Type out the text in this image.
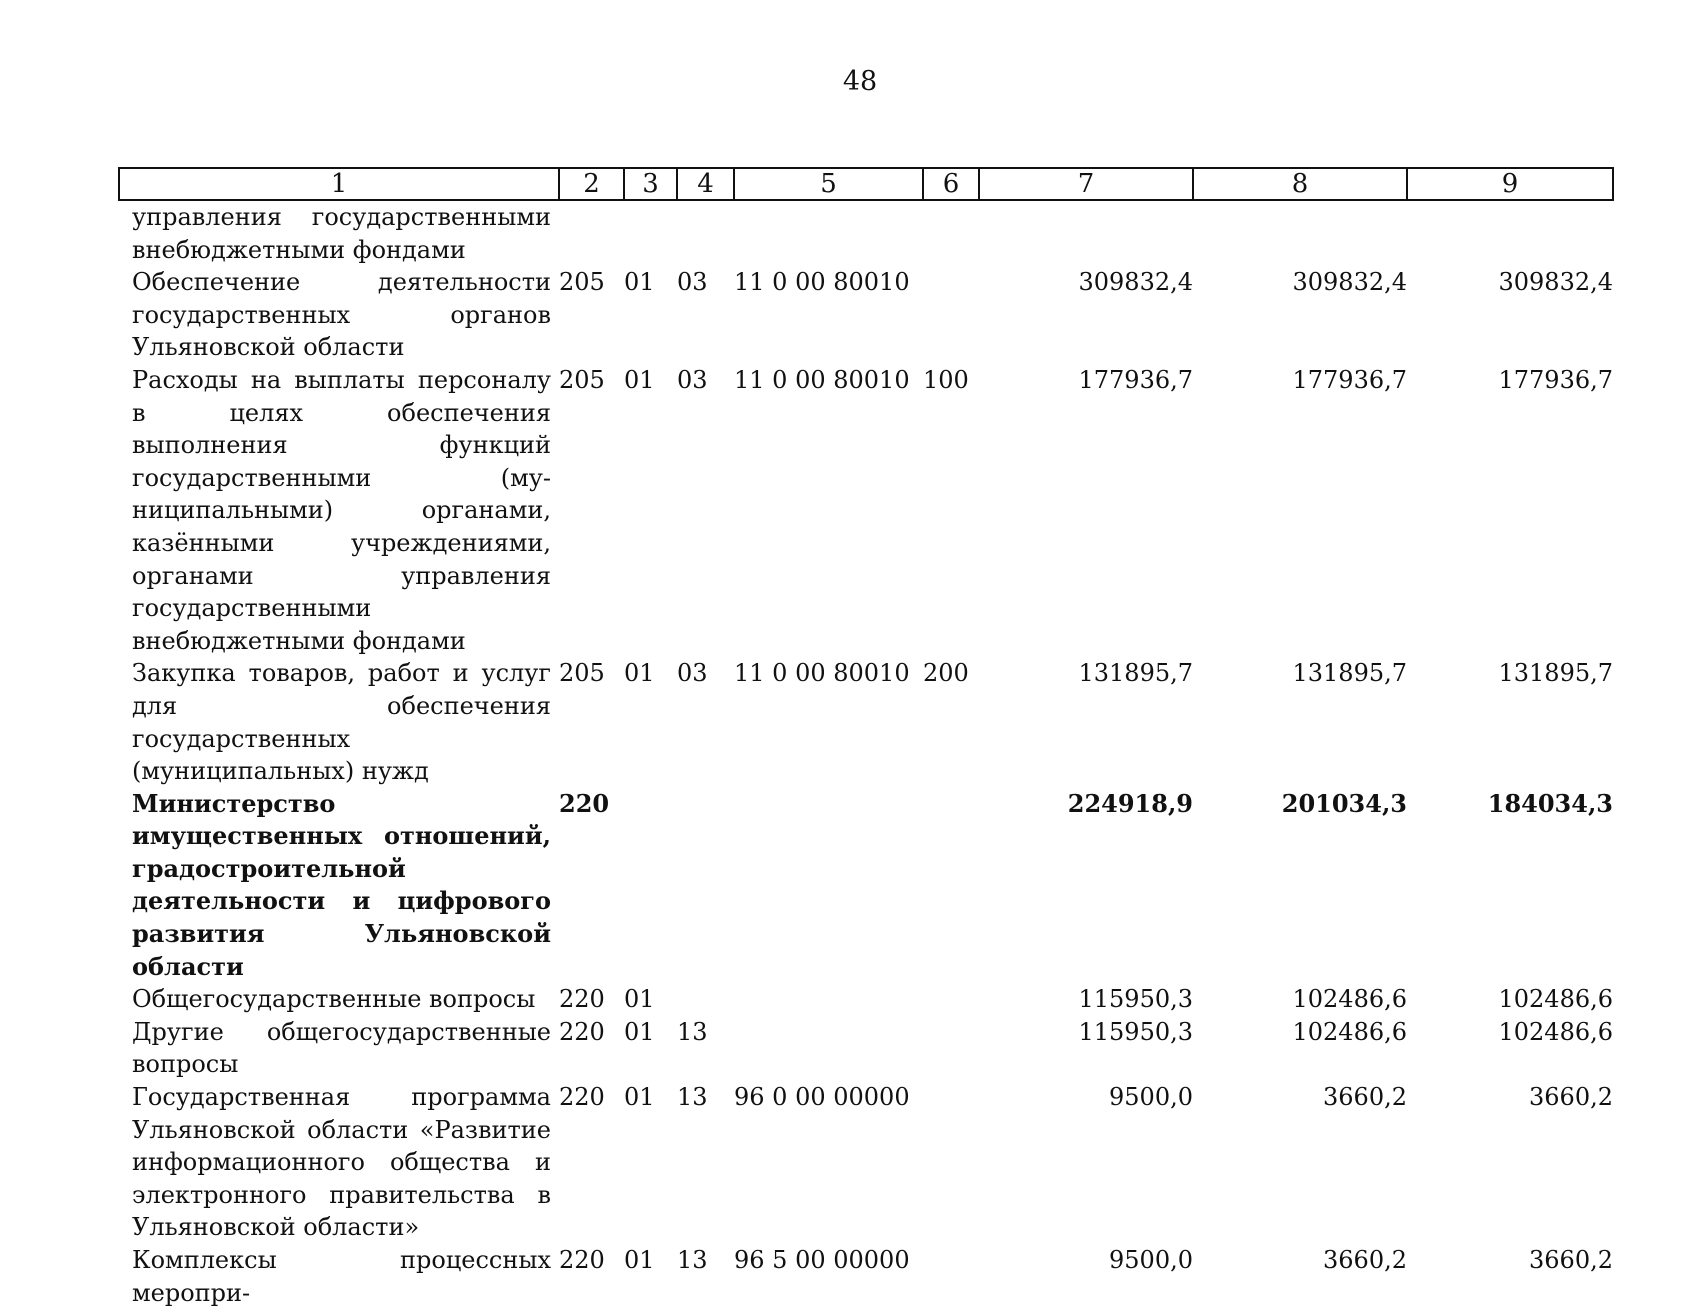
48
1	2	3	4	5	6	7	8	9
управления государственными внебюджетными фондами								
Обеспечение деятельности государственных органов Ульяновской области	205	01	03	11 0 00 80010		309832,4	309832,4	309832,4
Расходы на выплаты персоналу в целях обеспечения выполнения функций государственными (муниципальными) органами, казёнными учреждениями, органами управления государственными внебюджетными фондами	205	01	03	11 0 00 80010	100	177936,7	177936,7	177936,7
Закупка товаров, работ и услуг для обеспечения государственных (муниципальных) нужд	205	01	03	11 0 00 80010	200	131895,7	131895,7	131895,7
Министерство имущественных отношений, градостроительной деятельности и цифрового развития Ульяновской области	220					224918,9	201034,3	184034,3
Общегосударственные вопросы	220	01				115950,3	102486,6	102486,6
Другие общегосударственные вопросы	220	01	13			115950,3	102486,6	102486,6
Государственная программа Ульяновской области «Развитие информационного общества и электронного правительства в Ульяновской области»	220	01	13	96 0 00 00000		9500,0	3660,2	3660,2
Комплексы процессных меропри-	220	01	13	96 5 00 00000		9500,0	3660,2	3660,2
